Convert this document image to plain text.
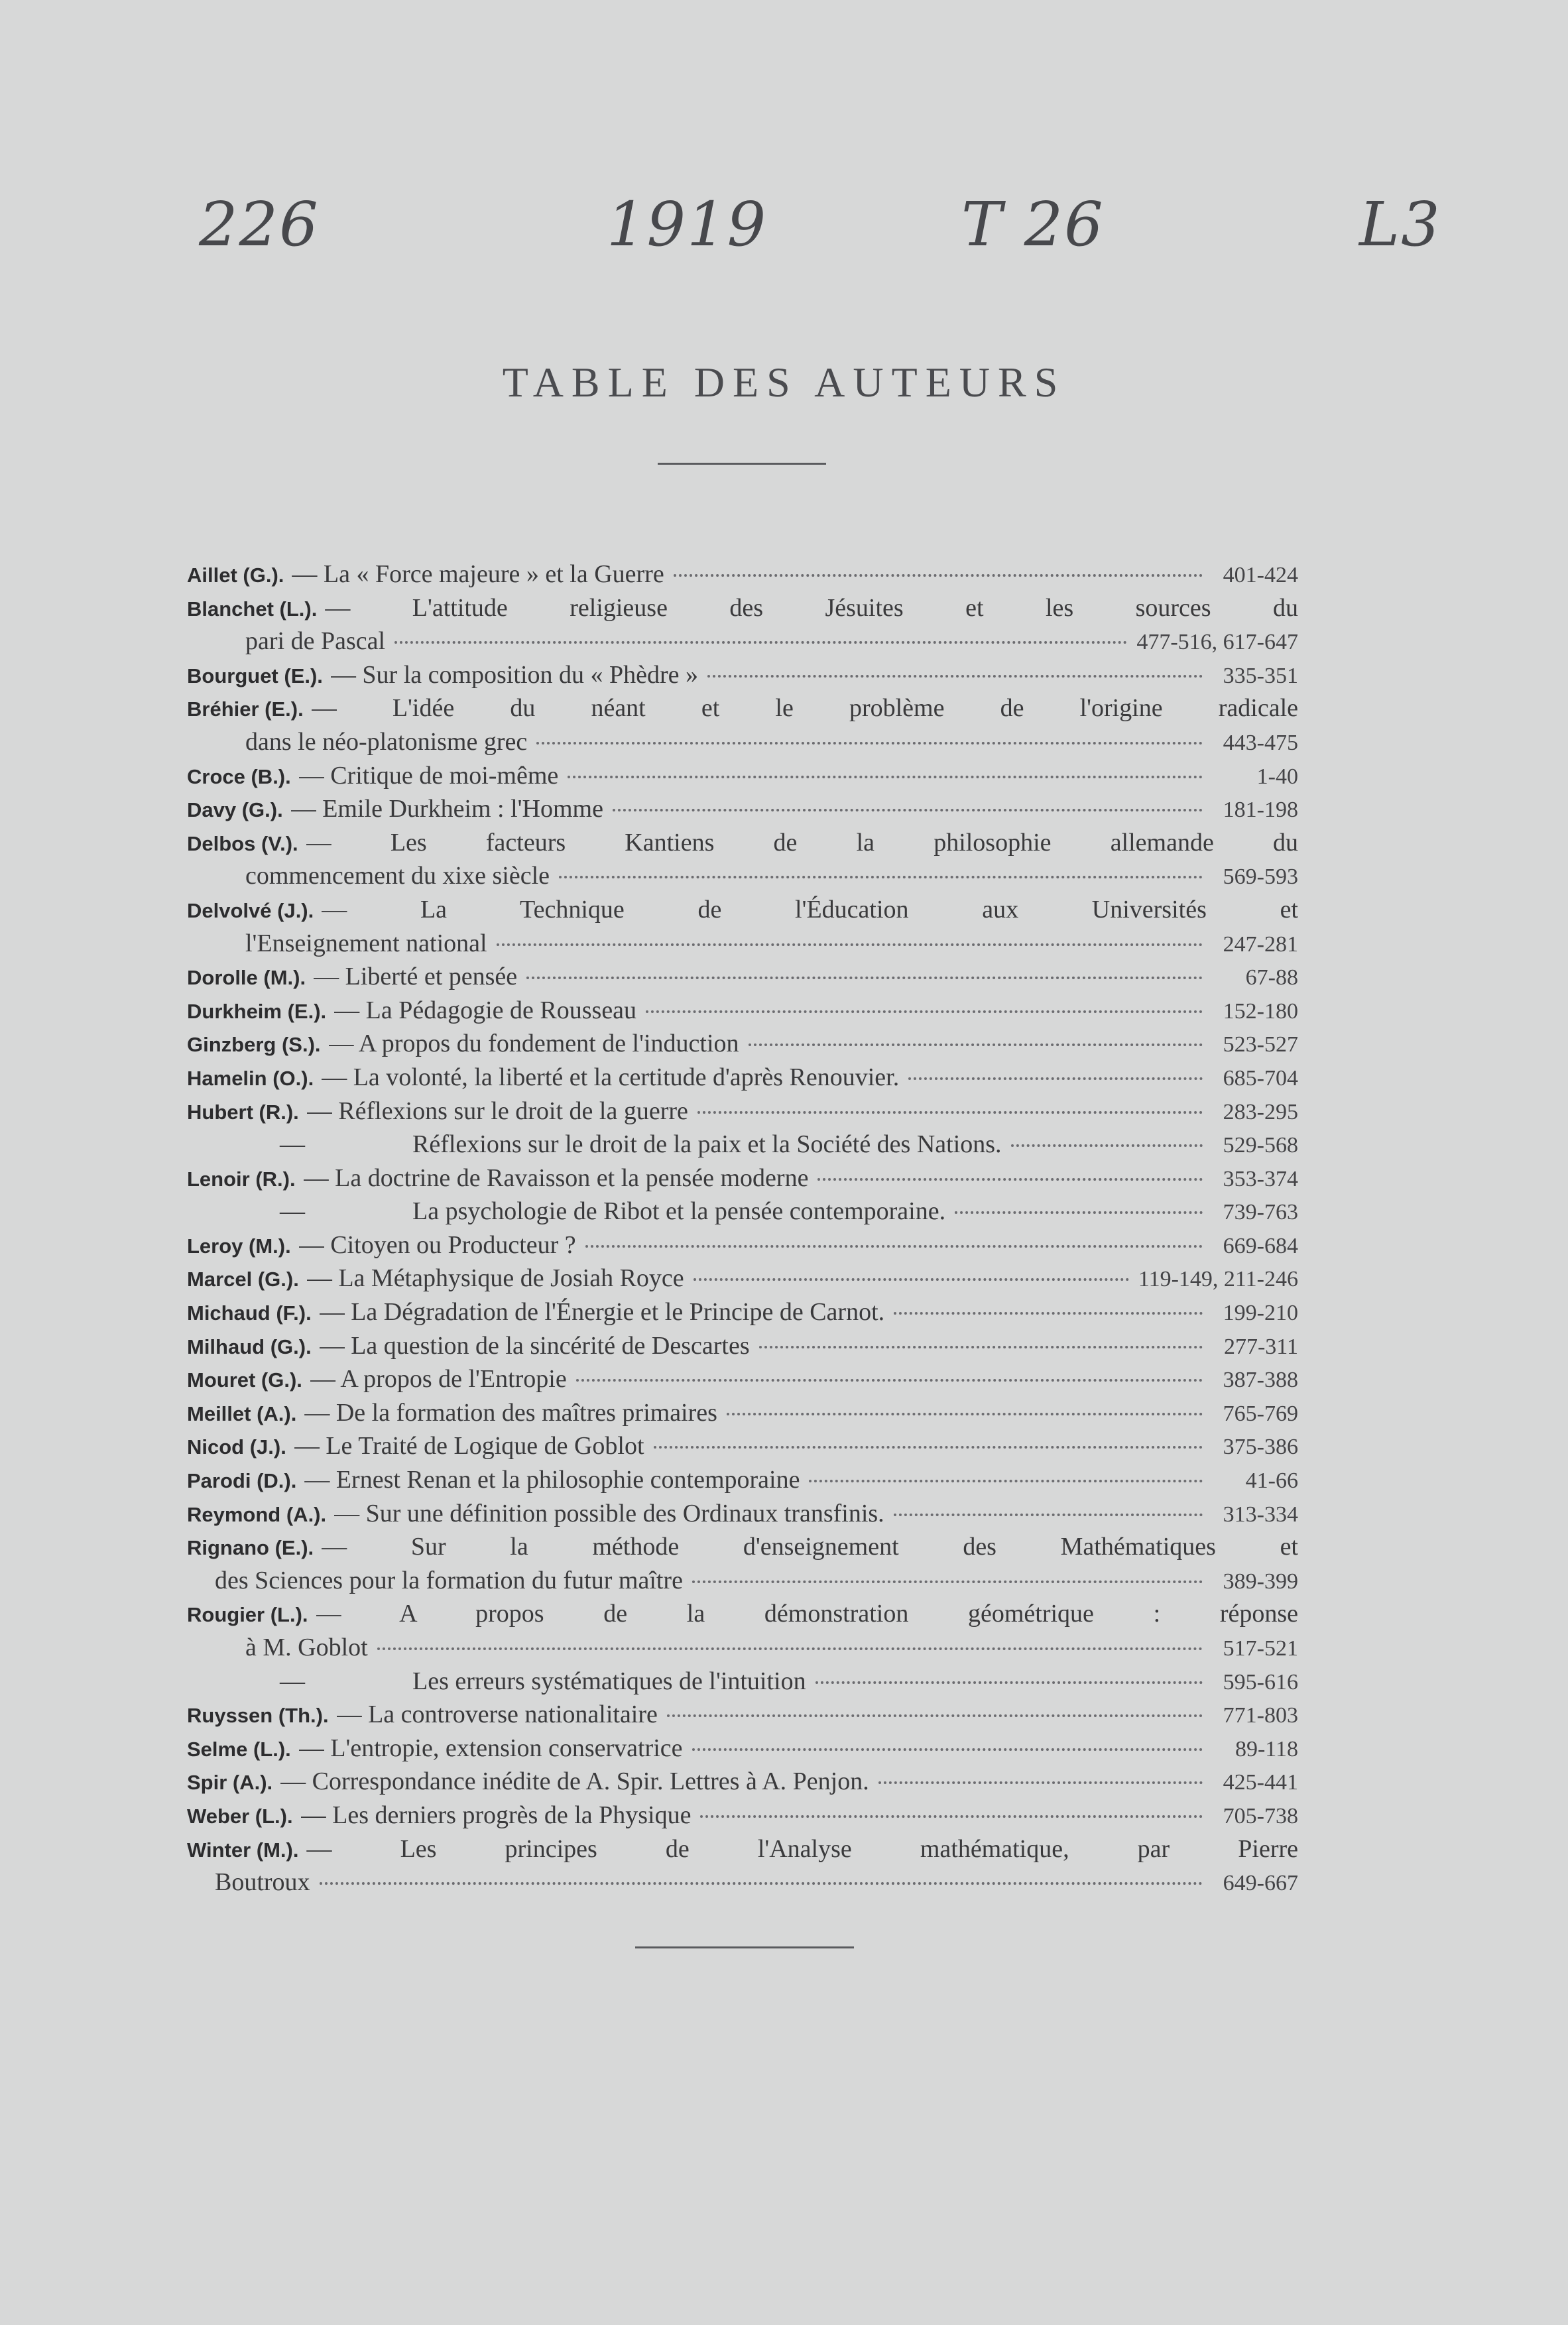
226	1919	T 26	L3
TABLE DES AUTEURS
Aillet (G.). — La « Force majeure » et la Guerre	401-424
Blanchet (L.). — L'attitude religieuse des Jésuites et les sources du
pari de Pascal	477-516, 617-647
Bourguet (E.). — Sur la composition du « Phèdre »	335-351
Bréhier (E.). — L'idée du néant et le problème de l'origine radicale
dans le néo-platonisme grec	443-475
Croce (B.). — Critique de moi-même	1-40
Davy (G.). — Emile Durkheim : l'Homme	181-198
Delbos (V.). — Les facteurs Kantiens de la philosophie allemande du
commencement du xixe siècle	569-593
Delvolvé (J.). — La Technique de l'Éducation aux Universités et
l'Enseignement national	247-281
Dorolle (M.). — Liberté et pensée	67-88
Durkheim (E.). — La Pédagogie de Rousseau	152-180
Ginzberg (S.). — A propos du fondement de l'induction	523-527
Hamelin (O.). — La volonté, la liberté et la certitude d'après Renouvier.	685-704
Hubert (R.). — Réflexions sur le droit de la guerre	283-295
—	Réflexions sur le droit de la paix et la Société des Nations.	529-568
Lenoir (R.). — La doctrine de Ravaisson et la pensée moderne	353-374
—	La psychologie de Ribot et la pensée contemporaine.	739-763
Leroy (M.). — Citoyen ou Producteur ?	669-684
Marcel (G.). — La Métaphysique de Josiah Royce	119-149, 211-246
Michaud (F.). — La Dégradation de l'Énergie et le Principe de Carnot.	199-210
Milhaud (G.). — La question de la sincérité de Descartes	277-311
Mouret (G.). — A propos de l'Entropie	387-388
Meillet (A.). — De la formation des maîtres primaires	765-769
Nicod (J.). — Le Traité de Logique de Goblot	375-386
Parodi (D.). — Ernest Renan et la philosophie contemporaine	41-66
Reymond (A.). — Sur une définition possible des Ordinaux transfinis.	313-334
Rignano (E.). — Sur la méthode d'enseignement des Mathématiques et
des Sciences pour la formation du futur maître	389-399
Rougier (L.). — A propos de la démonstration géométrique : réponse
à M. Goblot	517-521
—	Les erreurs systématiques de l'intuition	595-616
Ruyssen (Th.). — La controverse nationalitaire	771-803
Selme (L.). — L'entropie, extension conservatrice	89-118
Spir (A.). — Correspondance inédite de A. Spir. Lettres à A. Penjon.	425-441
Weber (L.). — Les derniers progrès de la Physique	705-738
Winter (M.). — Les principes de l'Analyse mathématique, par Pierre
Boutroux	649-667
